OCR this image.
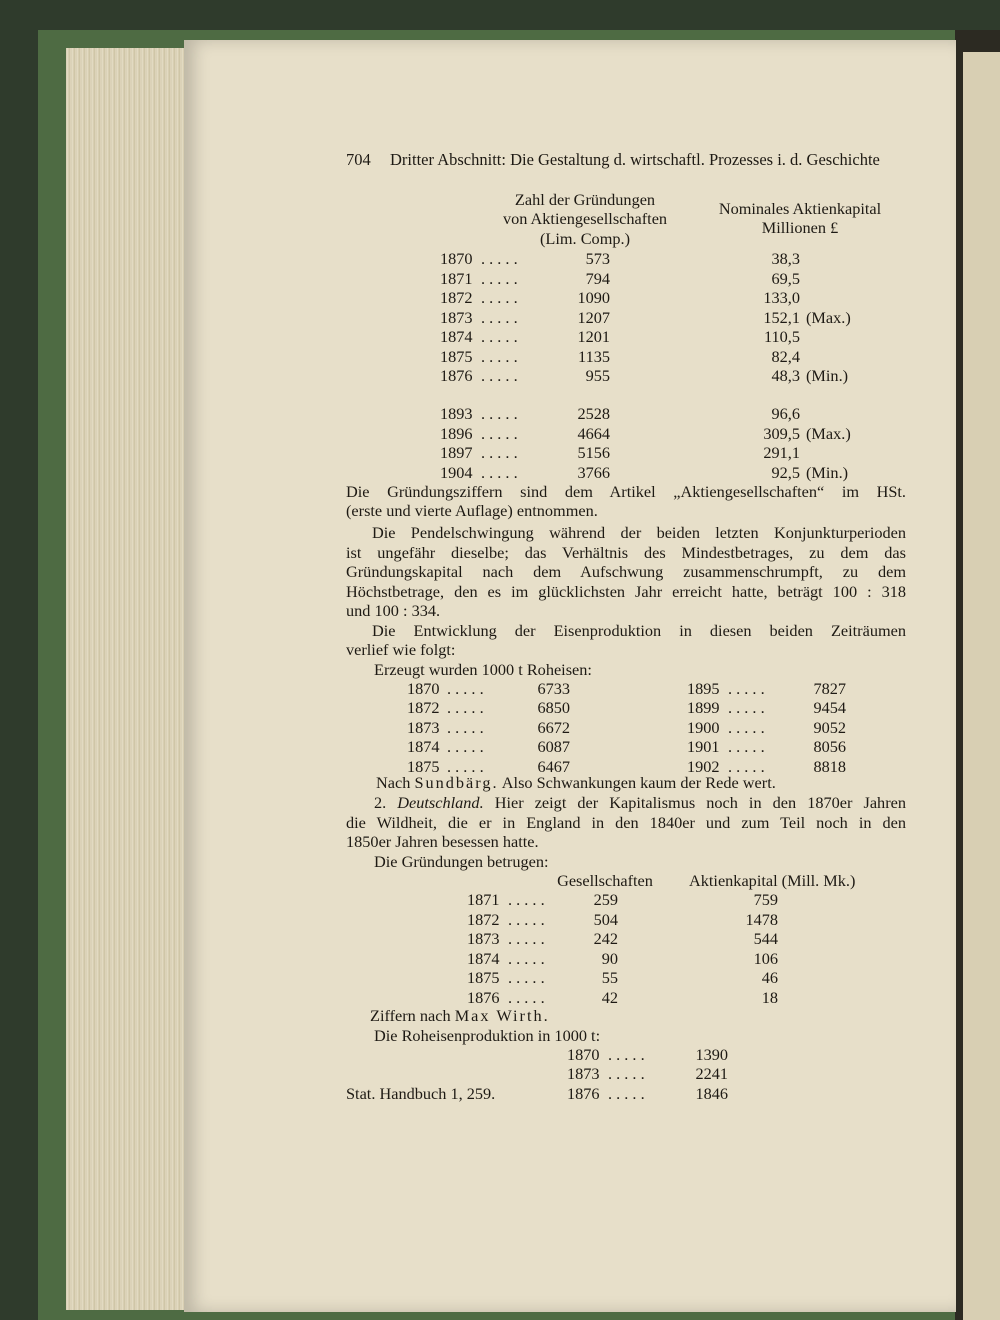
704 Dritter Abschnitt: Die Gestaltung d. wirtschaftl. Prozesses i. d. Geschichte
Zahl der Gründungen
von Aktiengesellschaften
(Lim. Comp.)
Nominales Aktienkapital
Millionen £
1870 . . . . .	573	38,3
1871 . . . . .	794	69,5
1872 . . . . .	1090	133,0
1873 . . . . .	1207	152,1 (Max.)
1874 . . . . .	1201	110,5
1875 . . . . .	1135	82,4
1876 . . . . .	955	48,3 (Min.)
1893 . . . . .	2528	96,6
1896 . . . . .	4664	309,5 (Max.)
1897 . . . . .	5156	291,1
1904 . . . . .	3766	92,5 (Min.)
Die Gründungsziffern sind dem Artikel „Aktiengesellschaften“ im HSt.
(erste und vierte Auflage) entnommen.
Die Pendelschwingung während der beiden letzten Konjunkturperioden
ist ungefähr dieselbe; das Verhältnis des Mindestbetrages, zu dem das
Gründungskapital nach dem Aufschwung zusammenschrumpft, zu dem
Höchstbetrage, den es im glücklichsten Jahr erreicht hatte, beträgt 100 : 318
und 100 : 334.
Die Entwicklung der Eisenproduktion in diesen beiden Zeiträumen
verlief wie folgt:
Erzeugt wurden 1000 t Roheisen:
1870 . . . . .	6733	1895 . . . . .	7827
1872 . . . . .	6850	1899 . . . . .	9454
1873 . . . . .	6672	1900 . . . . .	9052
1874 . . . . .	6087	1901 . . . . .	8056
1875 . . . . .	6467	1902 . . . . .	8818
Nach Sundbärg. Also Schwankungen kaum der Rede wert.
2. Deutschland. Hier zeigt der Kapitalismus noch in den 1870er Jahren
die Wildheit, die er in England in den 1840er und zum Teil noch in den
1850er Jahren besessen hatte.
Die Gründungen betrugen:
Gesellschaften	Aktienkapital (Mill. Mk.)
1871 . . . . .	259	759
1872 . . . . .	504	1478
1873 . . . . .	242	544
1874 . . . . .	90	106
1875 . . . . .	55	46
1876 . . . . .	42	18
Ziffern nach Max Wirth.
Die Roheisenproduktion in 1000 t:
1870 . . . . .	1390
1873 . . . . .	2241
1876 . . . . .	1846
Stat. Handbuch 1, 259.
